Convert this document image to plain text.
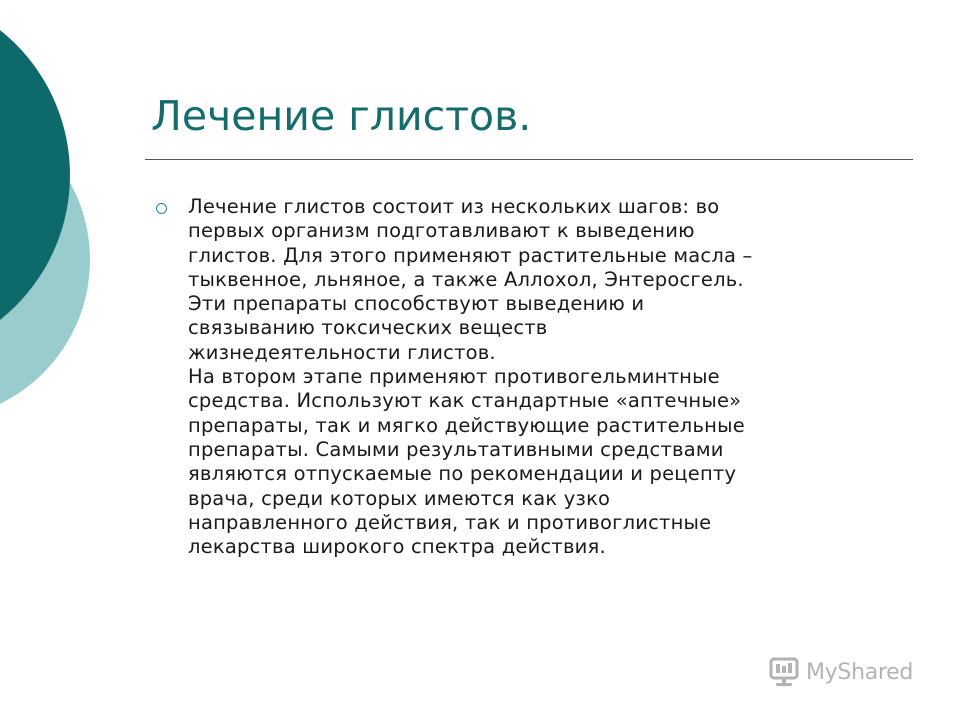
Лечение глистов.

Лечение глистов состоит из нескольких шагов: во
первых организм подготавливают к выведению
глистов. Для этого применяют растительные масла –
тыквенное, льняное, а также Аллохол, Энтеросгель.
Эти препараты способствуют выведению и
связыванию токсических веществ
жизнедеятельности глистов.
На втором этапе применяют противогельминтные
средства. Используют как стандартные «аптечные»
препараты, так и мягко действующие растительные
препараты. Самыми результативными средствами
являются отпускаемые по рекомендации и рецепту
врача, среди которых имеются как узко
направленного действия, так и противоглистные
лекарства широкого спектра действия.

MyShared
